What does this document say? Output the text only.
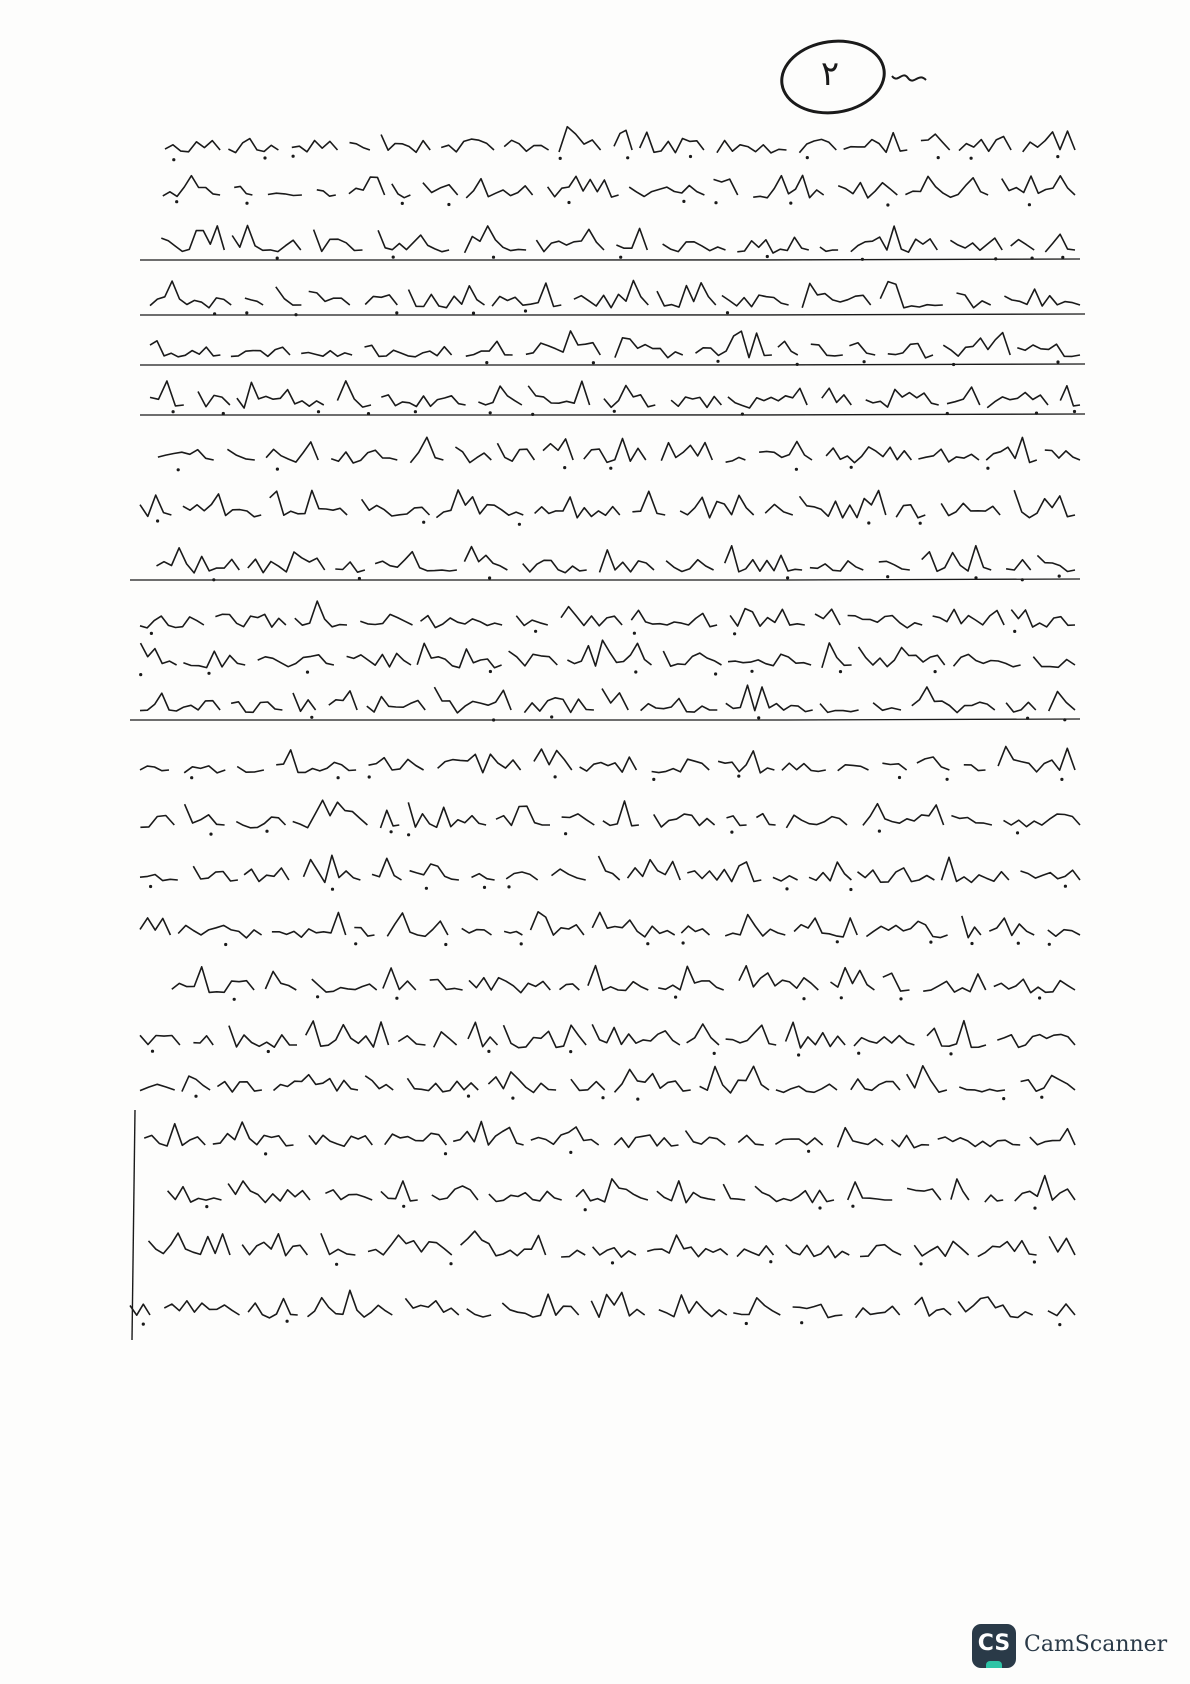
٢
CS CamScanner
